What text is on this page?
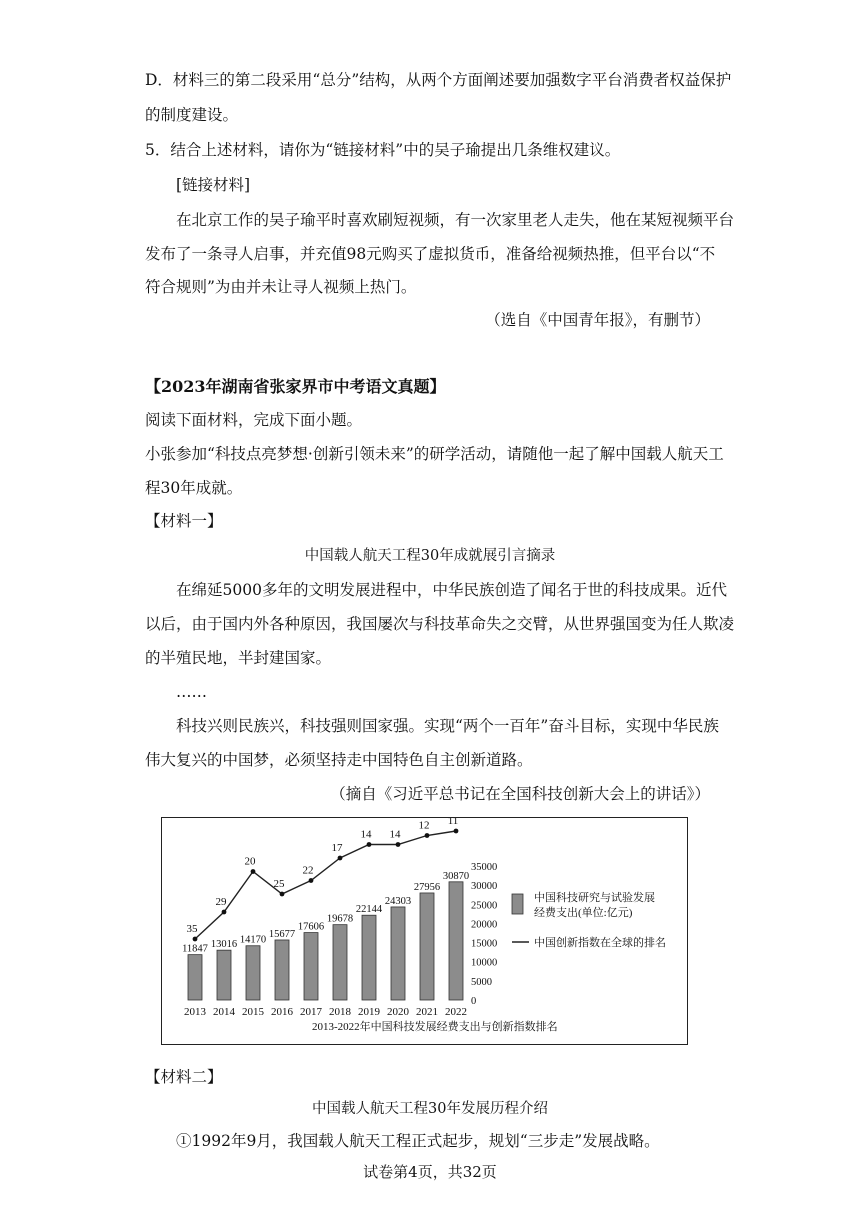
D．材料三的第二段采用“总分”结构，从两个方面阐述要加强数字平台消费者权益保护
的制度建设。
5．结合上述材料，请你为“链接材料”中的吴子瑜提出几条维权建议。
[链接材料]
在北京工作的吴子瑜平时喜欢刷短视频，有一次家里老人走失，他在某短视频平台
发布了一条寻人启事，并充值98元购买了虚拟货币，准备给视频热推，但平台以“不
符合规则”为由并未让寻人视频上热门。
（选自《中国青年报》，有删节）
【2023年湖南省张家界市中考语文真题】
阅读下面材料，完成下面小题。
小张参加“科技点亮梦想·创新引领未来”的研学活动，请随他一起了解中国载人航天工
程30年成就。
【材料一】
中国载人航天工程30年成就展引言摘录
在绵延5000多年的文明发展进程中，中华民族创造了闻名于世的科技成果。近代
以后，由于国内外各种原因，我国屡次与科技革命失之交臂，从世界强国变为任人欺凌
的半殖民地，半封建国家。
……
科技兴则民族兴，科技强则国家强。实现“两个一百年”奋斗目标，实现中华民族
伟大复兴的中国梦，必须坚持走中国特色自主创新道路。
（摘自《习近平总书记在全国科技创新大会上的讲话》）
11847
2013
13016
2014
14170
2015
15677
2016
17606
2017
19678
2018
22144
2019
24303
2020
27956
2021
30870
2022
35
29
20
25
22
17
14 14
12 11
35000
30000
25000
20000
15000
10000
5000
0
中国科技研究与试验发展
经费支出(单位:亿元)
中国创新指数在全球的排名
2013-2022年中国科技发展经费支出与创新指数排名
【材料二】
中国载人航天工程30年发展历程介绍
①1992年9月，我国载人航天工程正式起步，规划“三步走”发展战略。
试卷第4页，共32页
